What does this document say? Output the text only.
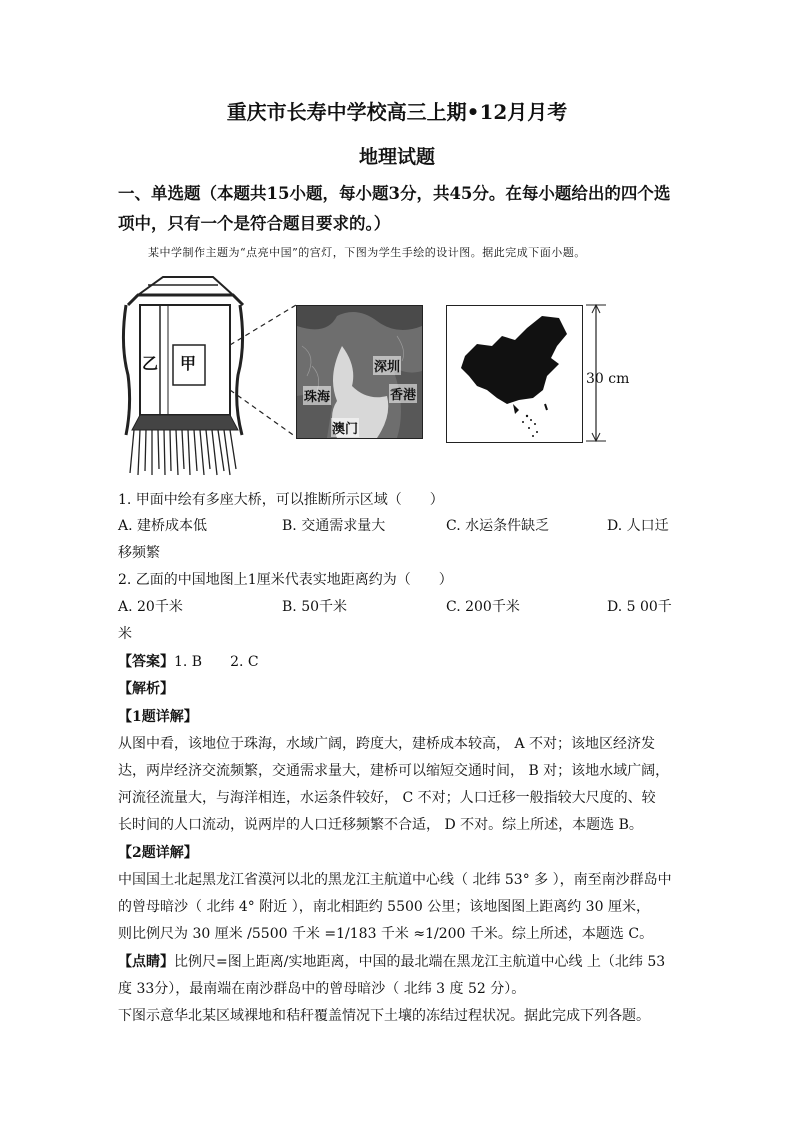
重庆市长寿中学校高三上期•12月月考
地理试题
一、单选题（本题共15小题，每小题3分，共45分。在每小题给出的四个选
项中，只有一个是符合题目要求的。）
某中学制作主题为“点亮中国”的宫灯，下图为学生手绘的设计图。据此完成下面小题。
甲
乙	深圳
珠海	香港
澳门
30 cm
1. 甲面中绘有多座大桥，可以推断所示区域（　　）
A. 建桥成本低	B. 交通需求量大	C. 水运条件缺乏	D. 人口迁
移频繁
2. 乙面的中国地图上1厘米代表实地距离约为（　　）
A. 20千米	B. 50千米	C. 200千米	D. 5 00千
米
【答案】1. B　　2. C
【解析】
【1题详解】
从图中看，该地位于珠海，水域广阔，跨度大，建桥成本较高， A 不对；该地区经济发
达，两岸经济交流频繁，交通需求量大，建桥可以缩短交通时间， B 对；该地水域广阔，
河流径流量大，与海洋相连，水运条件较好， C 不对；人口迁移一般指较大尺度的、较
长时间的人口流动，说两岸的人口迁移频繁不合适， D 不对。综上所述，本题选 B。
【2题详解】
中国国土北起黑龙江省漠河以北的黑龙江主航道中心线（ 北纬 53° 多 ），南至南沙群岛中
的曾母暗沙（ 北纬 4° 附近 ），南北相距约 5500 公里；该地图图上距离约 30 厘米，
则比例尺为 30 厘米 /5500 千米 =1/183 千米 ≈1/200 千米。综上所述，本题选 C。
【点睛】比例尺=图上距离/实地距离，中国的最北端在黑龙江主航道中心线 上（北纬 53
度 33分），最南端在南沙群岛中的曾母暗沙（ 北纬 3 度 52 分）。
下图示意华北某区域裸地和秸秆覆盖情况下土壤的冻结过程状况。据此完成下列各题。
